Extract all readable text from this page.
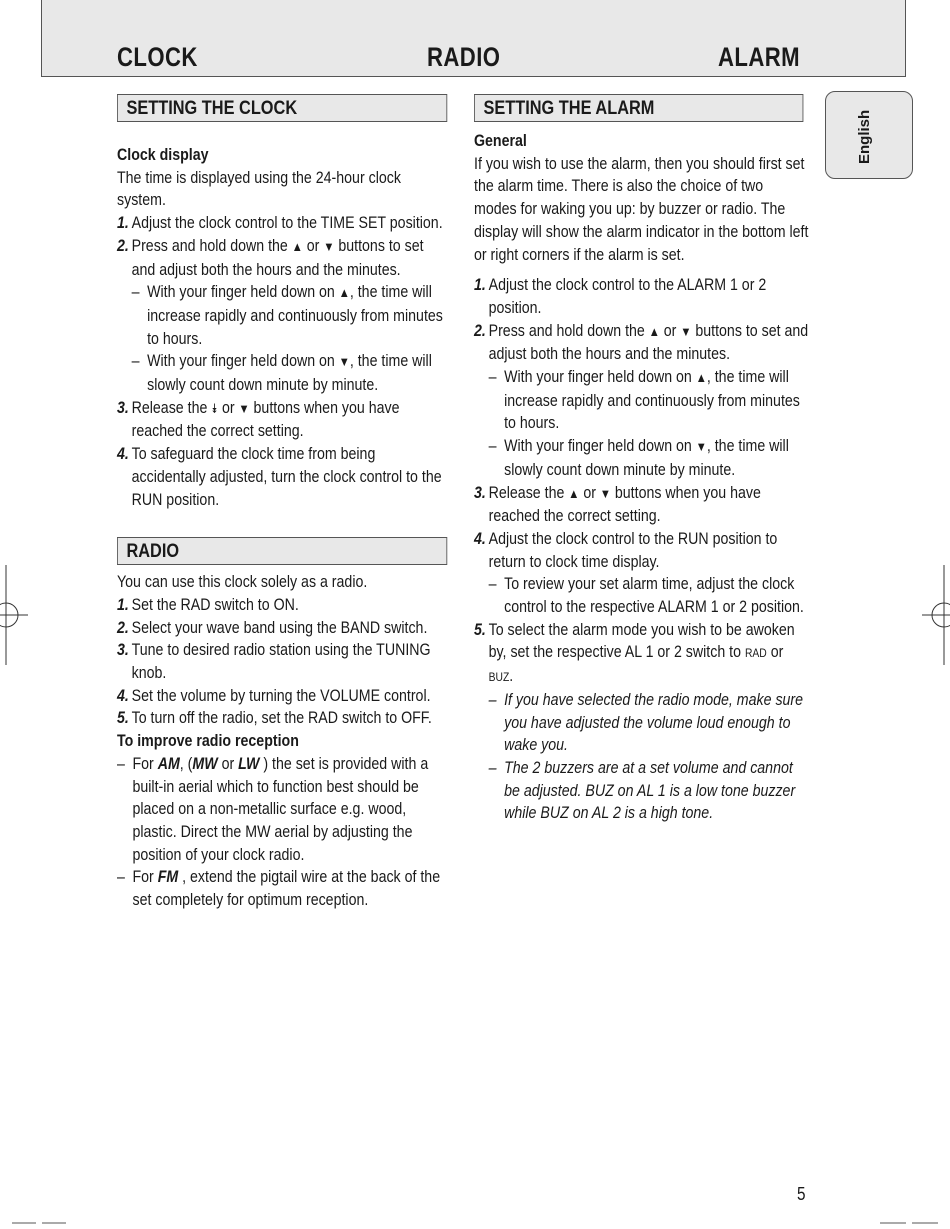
CLOCK	RADIO	ALARM
English
SETTING THE CLOCK
Clock display

The time is displayed using the 24-hour clock system.

1. Adjust the clock control to the TIME SET position.
2. Press and hold down the ▲ or ▼ buttons to set and adjust both the hours and the minutes.
– With your finger held down on ▲, the time will increase rapidly and continuously from minutes to hours.
– With your finger held down on ▼, the time will slowly count down minute by minute.
3. Release the ⯯ or ▼ buttons when you have reached the correct setting.
4. To safeguard the clock time from being accidentally adjusted, turn the clock control to the RUN position.
RADIO

You can use this clock solely as a radio.

1. Set the RAD switch to ON.
2. Select your wave band using the BAND switch.
3. Tune to desired radio station using the TUNING knob.
4. Set the volume by turning the VOLUME control.
5. To turn off the radio, set the RAD switch to OFF.
To improve radio reception
– For AM, (MW or LW ) the set is provided with a built-in aerial which to function best should be placed on a non-metallic surface e.g. wood, plastic. Direct the MW aerial by adjusting the position of your clock radio.
– For FM , extend the pigtail wire at the back of the set completely for optimum reception.
SETTING THE ALARM
General

If you wish to use the alarm, then you should first set the alarm time. There is also the choice of two modes for waking you up: by buzzer or radio. The display will show the alarm indicator in the bottom left or right corners if the alarm is set.

1. Adjust the clock control to the ALARM 1 or 2 position.
2. Press and hold down the ▲ or ▼ buttons to set and adjust both the hours and the minutes.
– With your finger held down on ▲, the time will increase rapidly and continuously from minutes to hours.
– With your finger held down on ▼, the time will slowly count down minute by minute.
3. Release the ▲ or ▼ buttons when you have reached the correct setting.
4. Adjust the clock control to the RUN position to return to clock time display.
– To review your set alarm time, adjust the clock control to the respective ALARM 1 or 2 position.
5. To select the alarm mode you wish to be awoken by, set the respective AL 1 or 2 switch to RAD or BUZ.
– If you have selected the radio mode, make sure you have adjusted the volume loud enough to wake you.
– The 2 buzzers are at a set volume and cannot be adjusted. BUZ on AL 1 is a low tone buzzer while BUZ on AL 2 is a high tone.
5
